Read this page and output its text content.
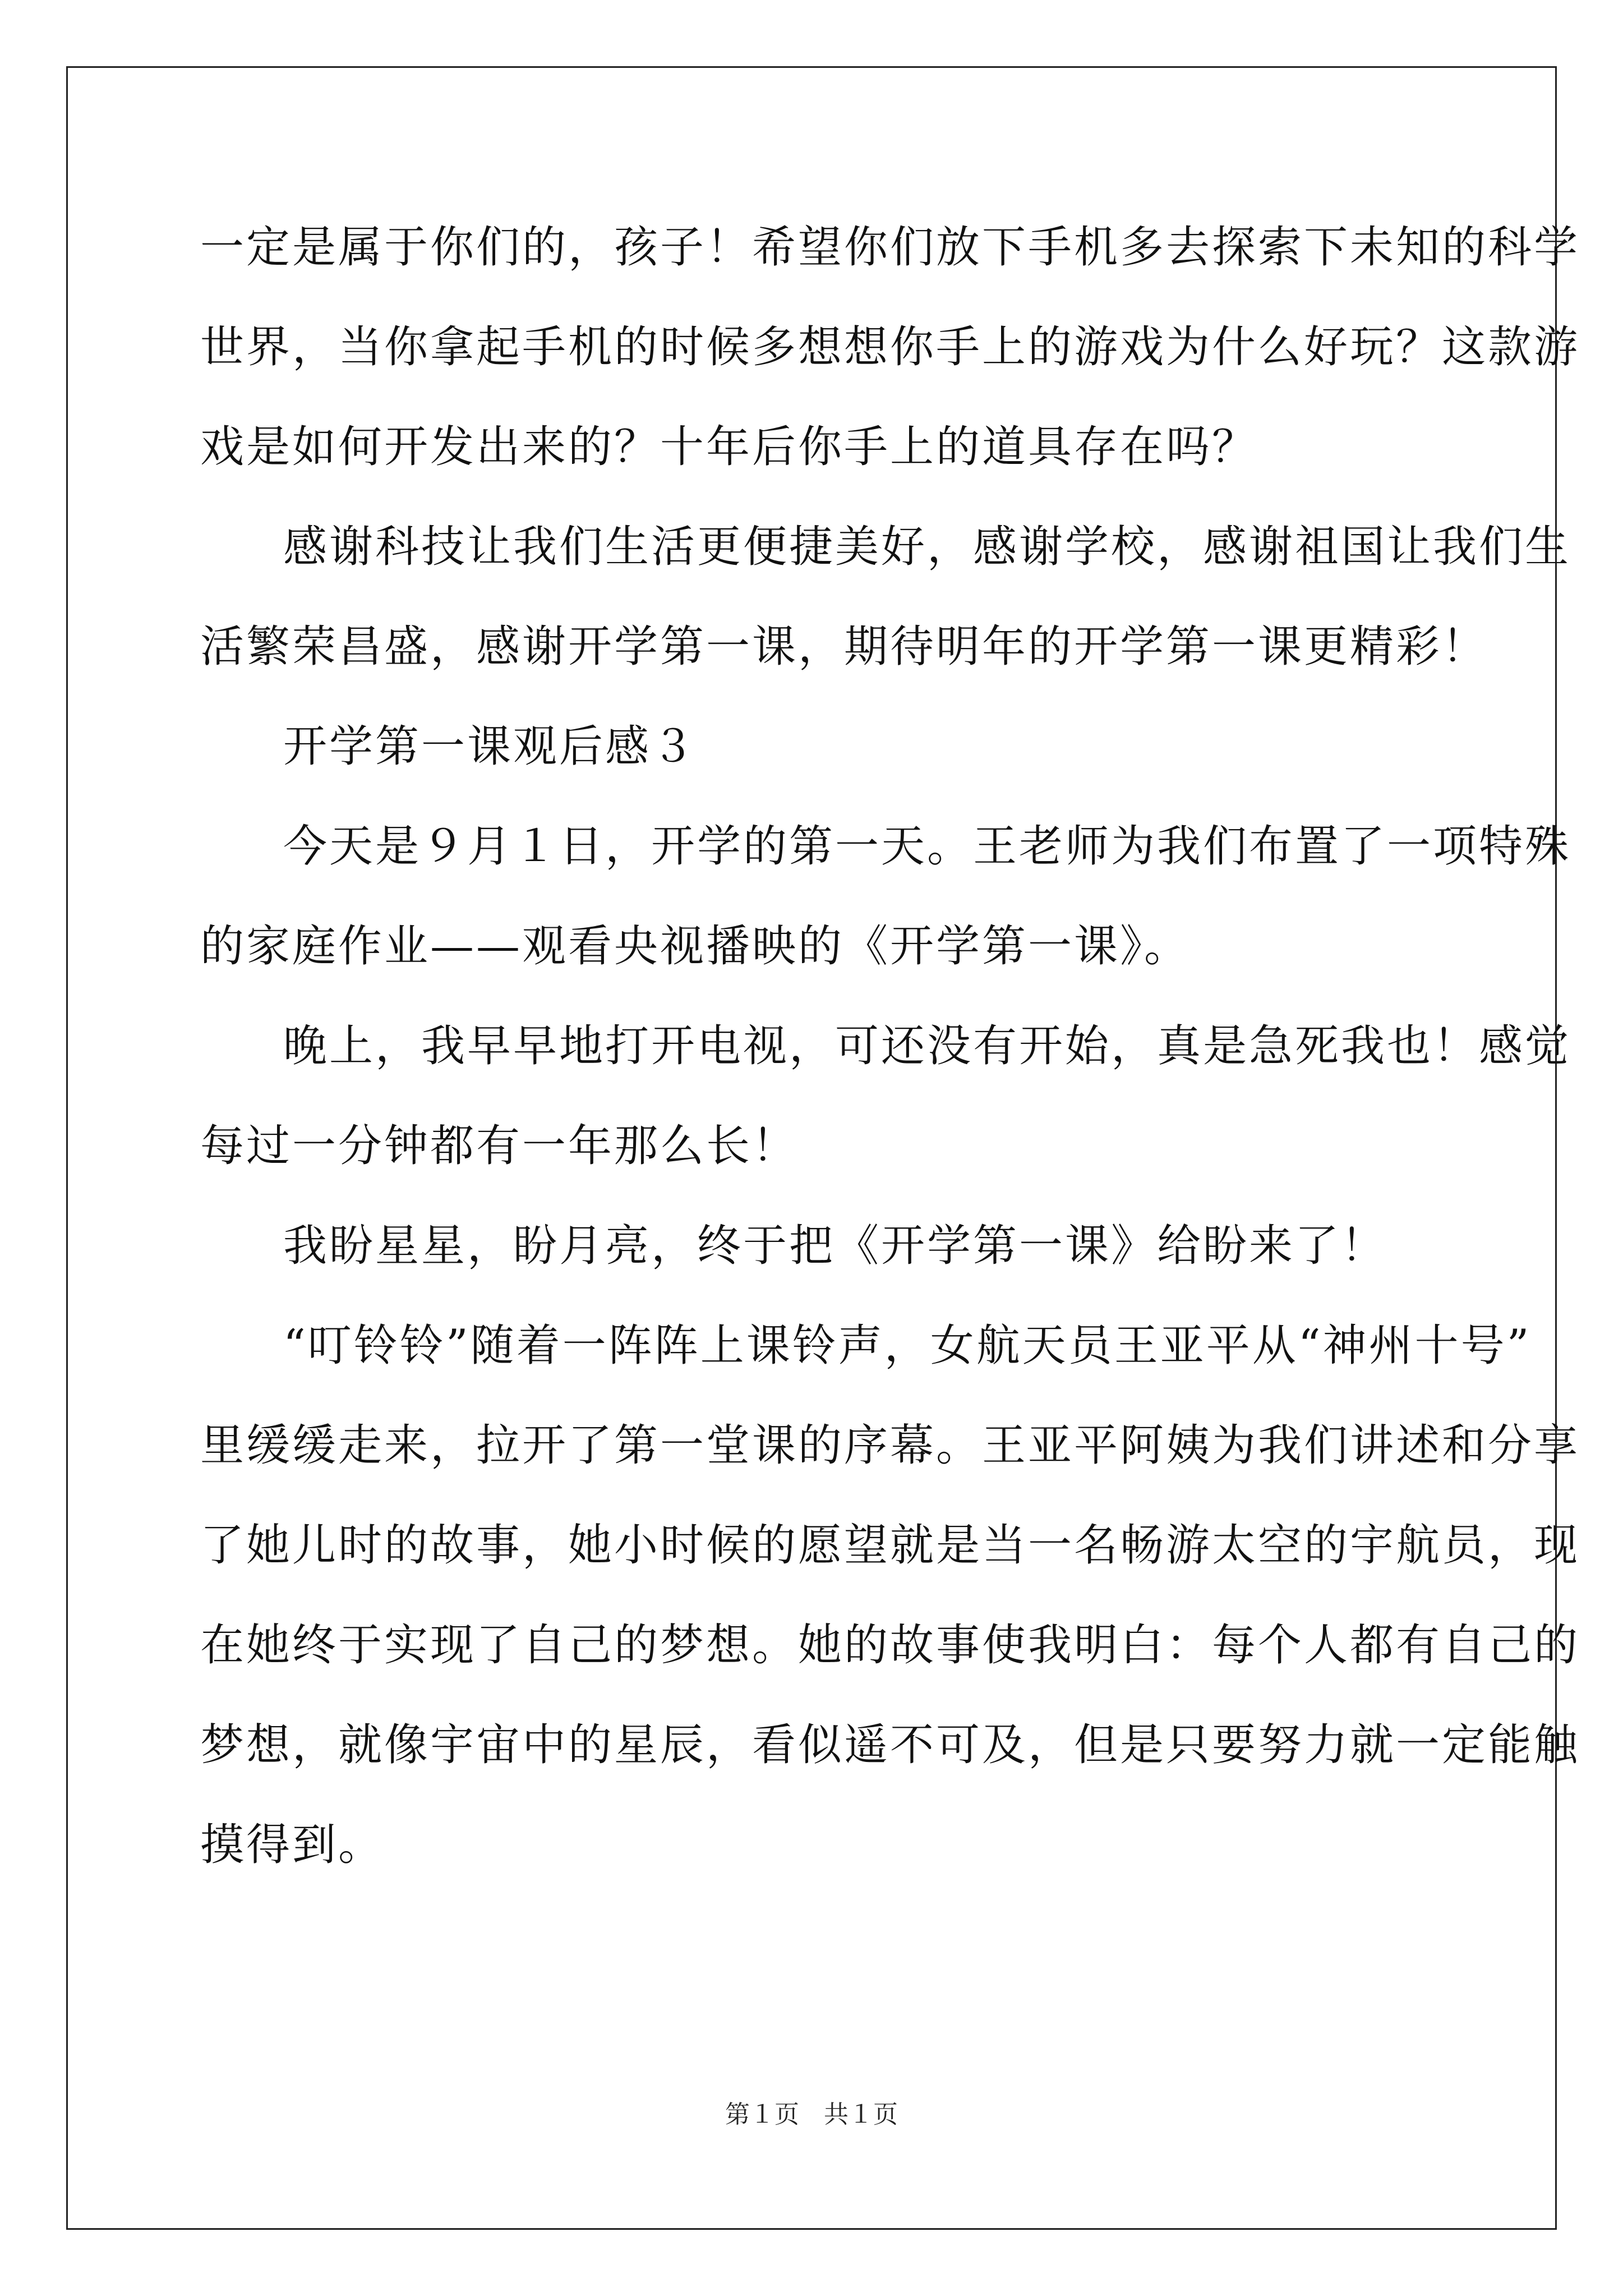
一定是属于你们的，孩子！希望你们放下手机多去探索下未知的科学
世界，当你拿起手机的时候多想想你手上的游戏为什么好玩？这款游
戏是如何开发出来的？十年后你手上的道具存在吗？
感谢科技让我们生活更便捷美好，感谢学校，感谢祖国让我们生
活繁荣昌盛，感谢开学第一课，期待明年的开学第一课更精彩！
开学第一课观后感３
今天是９月１日，开学的第一天。王老师为我们布置了一项特殊
的家庭作业——观看央视播映的《开学第一课》。
晚上，我早早地打开电视，可还没有开始，真是急死我也！感觉
每过一分钟都有一年那么长！
我盼星星，盼月亮，终于把《开学第一课》给盼来了！
“叮铃铃”随着一阵阵上课铃声，女航天员王亚平从“神州十号”
里缓缓走来，拉开了第一堂课的序幕。王亚平阿姨为我们讲述和分享
了她儿时的故事，她小时候的愿望就是当一名畅游太空的宇航员，现
在她终于实现了自己的梦想。她的故事使我明白：每个人都有自己的
梦想，就像宇宙中的星辰，看似遥不可及，但是只要努力就一定能触
摸得到。
第１页　共１页
